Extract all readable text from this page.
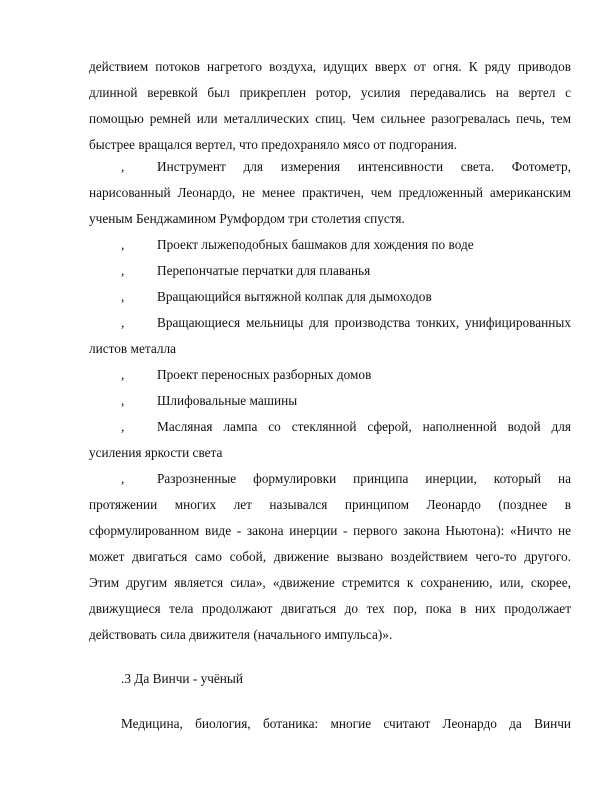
действием потоков нагретого воздуха, идущих вверх от огня. К ряду приводов
длинной веревкой был прикреплен ротор, усилия передавались на вертел с
помощью ремней или металлических спиц. Чем сильнее разогревалась печь, тем
быстрее вращался вертел, что предохраняло мясо от подгорания.
, Инструмент для измерения интенсивности света. Фотометр,
нарисованный Леонардо, не менее практичен, чем предложенный американским
ученым Бенджамином Румфордом три столетия спустя.
, Проект лыжеподобных башмаков для хождения по воде
, Перепончатые перчатки для плаванья
, Вращающийся вытяжной колпак для дымоходов
, Вращающиеся мельницы для производства тонких, унифицированных
листов металла
, Проект переносных разборных домов
, Шлифовальные машины
, Масляная лампа со стеклянной сферой, наполненной водой для
усиления яркости света
, Разрозненные формулировки принципа инерции, который на
протяжении многих лет назывался принципом Леонардо (позднее в
сформулированном виде - закона инерции - первого закона Ньютона): «Ничто не
может двигаться само собой, движение вызвано воздействием чего-то другого.
Этим другим является сила», «движение стремится к сохранению, или, скорее,
движущиеся тела продолжают двигаться до тех пор, пока в них продолжает
действовать сила движителя (начального импульса)».
.3 Да Винчи - учёный
Медицина, биология, ботаника: многие считают Леонардо да Винчи
